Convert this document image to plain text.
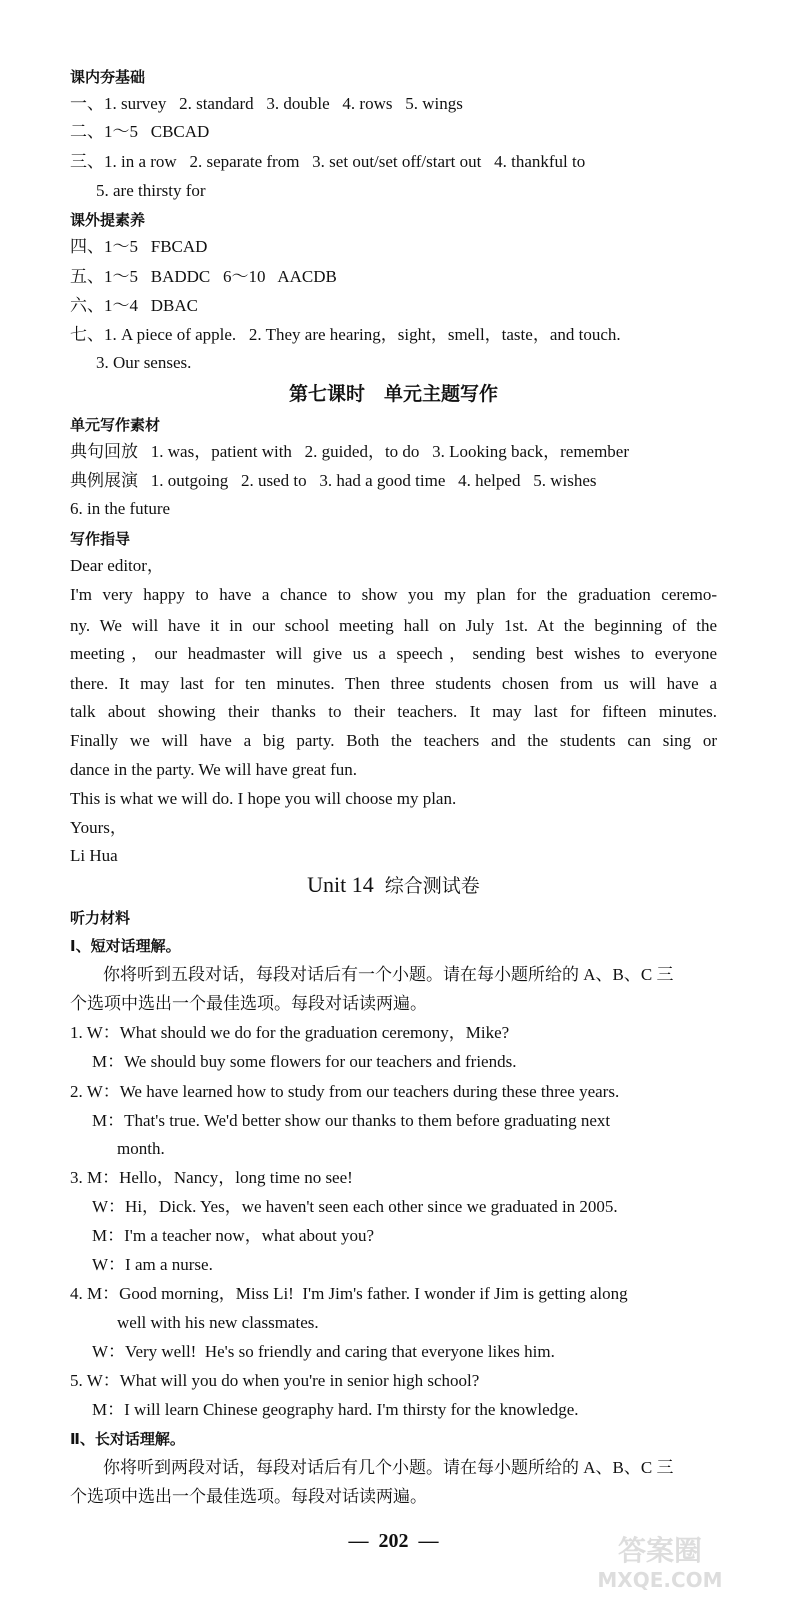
课内夯基础
一、1. survey   2. standard   3. double   4. rows   5. wings
二、1～5   CBCAD
三、1. in a row   2. separate from   3. set out/set off/start out   4. thankful to
5. are thirsty for
课外提素养
四、1～5   FBCAD
五、1～5   BADDC   6～10   AACDB
六、1～4   DBAC
七、1. A piece of apple.   2. They are hearing，sight，smell，taste，and touch.
3. Our senses.
第七课时　单元主题写作
单元写作素材
典句回放   1. was，patient with   2. guided，to do   3. Looking back，remember
典例展演   1. outgoing   2. used to   3. had a good time   4. helped   5. wishes
6. in the future
写作指导
Dear editor，
I'm very happy to have a chance to show you my plan for the graduation ceremo-
ny. We will have it in our school meeting hall on July 1st. At the beginning of the
meeting，our headmaster will give us a speech，sending best wishes to everyone
there. It may last for ten minutes. Then three students chosen from us will have a
talk about showing their thanks to their teachers. It may last for fifteen minutes.
Finally we will have a big party. Both the teachers and the students can sing or
dance in the party. We will have great fun.
This is what we will do. I hope you will choose my plan.
Yours，
Li Hua
Unit 14 综合测试卷
听力材料
Ⅰ、短对话理解。
你将听到五段对话，每段对话后有一个小题。请在每小题所给的 A、B、C 三
个选项中选出一个最佳选项。每段对话读两遍。
1. W：What should we do for the graduation ceremony，Mike?
M：We should buy some flowers for our teachers and friends.
2. W：We have learned how to study from our teachers during these three years.
M：That's true. We'd better show our thanks to them before graduating next
month.
3. M：Hello，Nancy，long time no see!
W：Hi，Dick. Yes，we haven't seen each other since we graduated in 2005.
M：I'm a teacher now，what about you?
W：I am a nurse.
4. M：Good morning，Miss Li!  I'm Jim's father. I wonder if Jim is getting along
well with his new classmates.
W：Very well!  He's so friendly and caring that everyone likes him.
5. W：What will you do when you're in senior high school?
M：I will learn Chinese geography hard. I'm thirsty for the knowledge.
Ⅱ、长对话理解。
你将听到两段对话，每段对话后有几个小题。请在每小题所给的 A、B、C 三
个选项中选出一个最佳选项。每段对话读两遍。
—  202  —	答案圈
MXQE.COM
